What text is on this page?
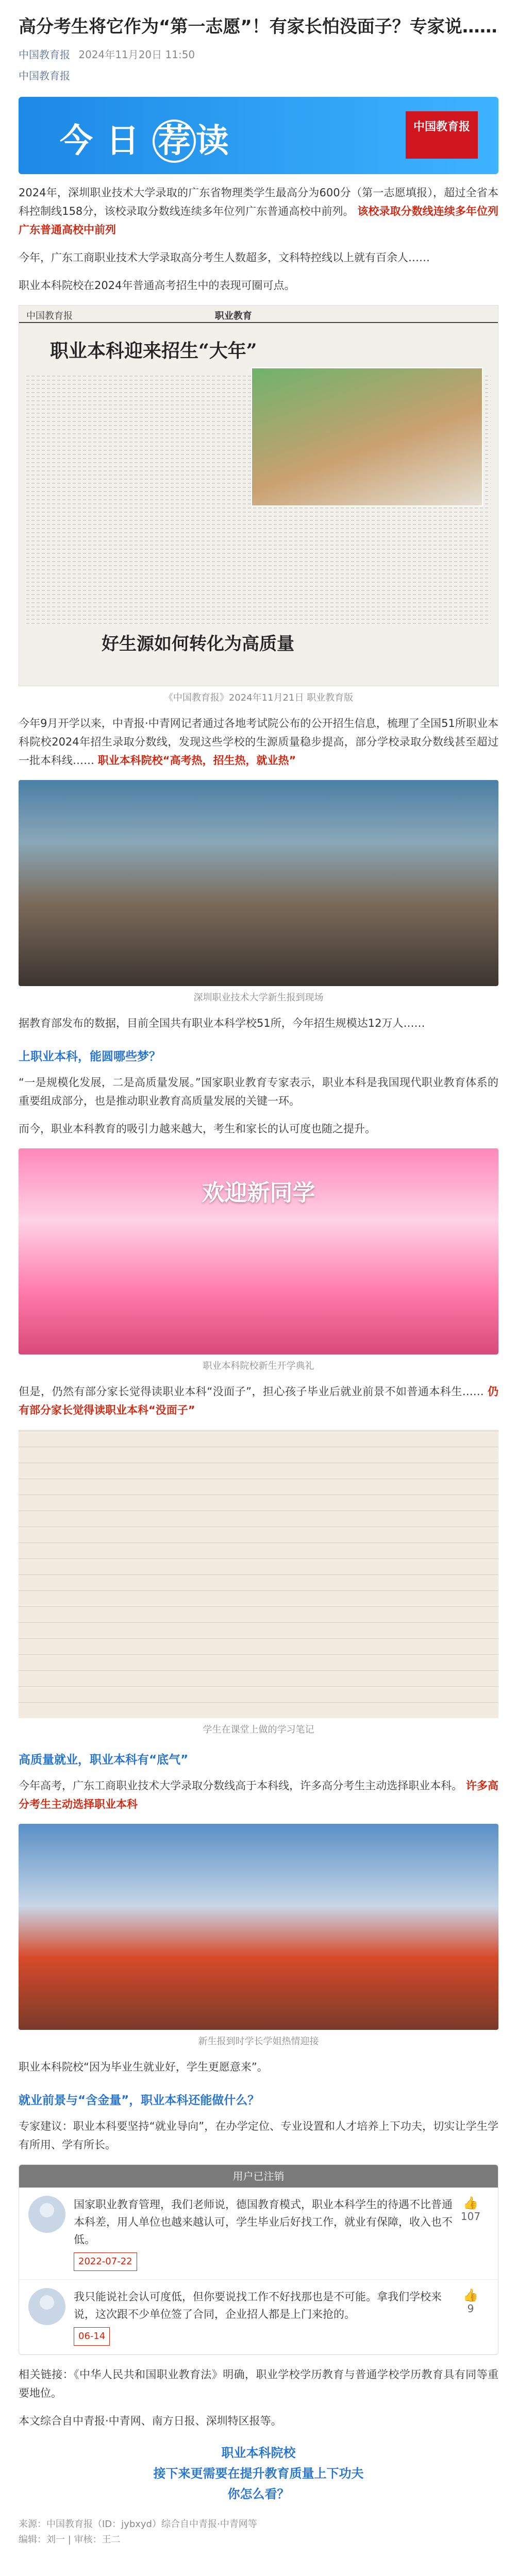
高分考生将它作为“第一志愿”！有家长怕没面子？专家说……
中国教育报 2024年11月20日 11:50
中国教育报
今日 荐 读	中国教育报

2024年，深圳职业技术大学录取的广东省物理类学生最高分为600分（第一志愿填报），超过全省本科控制线158分，该校录取分数线连续多年位列广东普通高校中前列。 该校录取分数线连续多年位列广东普通高校中前列

今年，广东工商职业技术大学录取高分考生人数超多，文科特控线以上就有百余人……

职业本科院校在2024年普通高考招生中的表现可圈可点。

中国教育报	职业教育
职业本科迎来招生“大年”
好生源如何转化为高质量
《中国教育报》2024年11月21日 职业教育版

今年9月开学以来，中青报·中青网记者通过各地考试院公布的公开招生信息，梳理了全国51所职业本科院校2024年招生录取分数线，发现这些学校的生源质量稳步提高，部分学校录取分数线甚至超过一批本科线…… 职业本科院校“高考热，招生热，就业热”

深圳职业技术大学新生报到现场

据教育部发布的数据，目前全国共有职业本科学校51所，今年招生规模达12万人……

上职业本科，能圆哪些梦？

“一是规模化发展，二是高质量发展。”国家职业教育专家表示，职业本科是我国现代职业教育体系的重要组成部分，也是推动职业教育高质量发展的关键一环。

而今，职业本科教育的吸引力越来越大，考生和家长的认可度也随之提升。

欢迎新同学
职业本科院校新生开学典礼

但是，仍然有部分家长觉得读职业本科“没面子”，担心孩子毕业后就业前景不如普通本科生…… 仍有部分家长觉得读职业本科“没面子”

学生在课堂上做的学习笔记
高质量就业，职业本科有“底气”

今年高考，广东工商职业技术大学录取分数线高于本科线，许多高分考生主动选择职业本科。 许多高分考生主动选择职业本科

新生报到时学长学姐热情迎接

职业本科院校“因为毕业生就业好，学生更愿意来”。

就业前景与“含金量”，职业本科还能做什么？

专家建议：职业本科要坚持“就业导向”，在办学定位、专业设置和人才培养上下功夫，切实让学生学有所用、学有所长。

用户已注销
国家职业教育管理，我们老师说，德国教育模式，职业本科学生的待遇不比普通本科差，用人单位也越来越认可，学生毕业后好找工作，就业有保障，收入也不低。
2022-07-22
👍
107
我只能说社会认可度低，但你要说找工作不好找那也是不可能。拿我们学校来说，这次跟不少单位签了合同，企业招人都是上门来抢的。
06-14
👍
9

相关链接：《中华人民共和国职业教育法》明确，职业学校学历教育与普通学校学历教育具有同等重要地位。

本文综合自中青报·中青网、南方日报、深圳特区报等。

职业本科院校
接下来更需要在提升教育质量上下功夫
你怎么看？
来源：中国教育报（ID：jybxyd）综合自中青报·中青网等
编辑：刘一 | 审核：王二
